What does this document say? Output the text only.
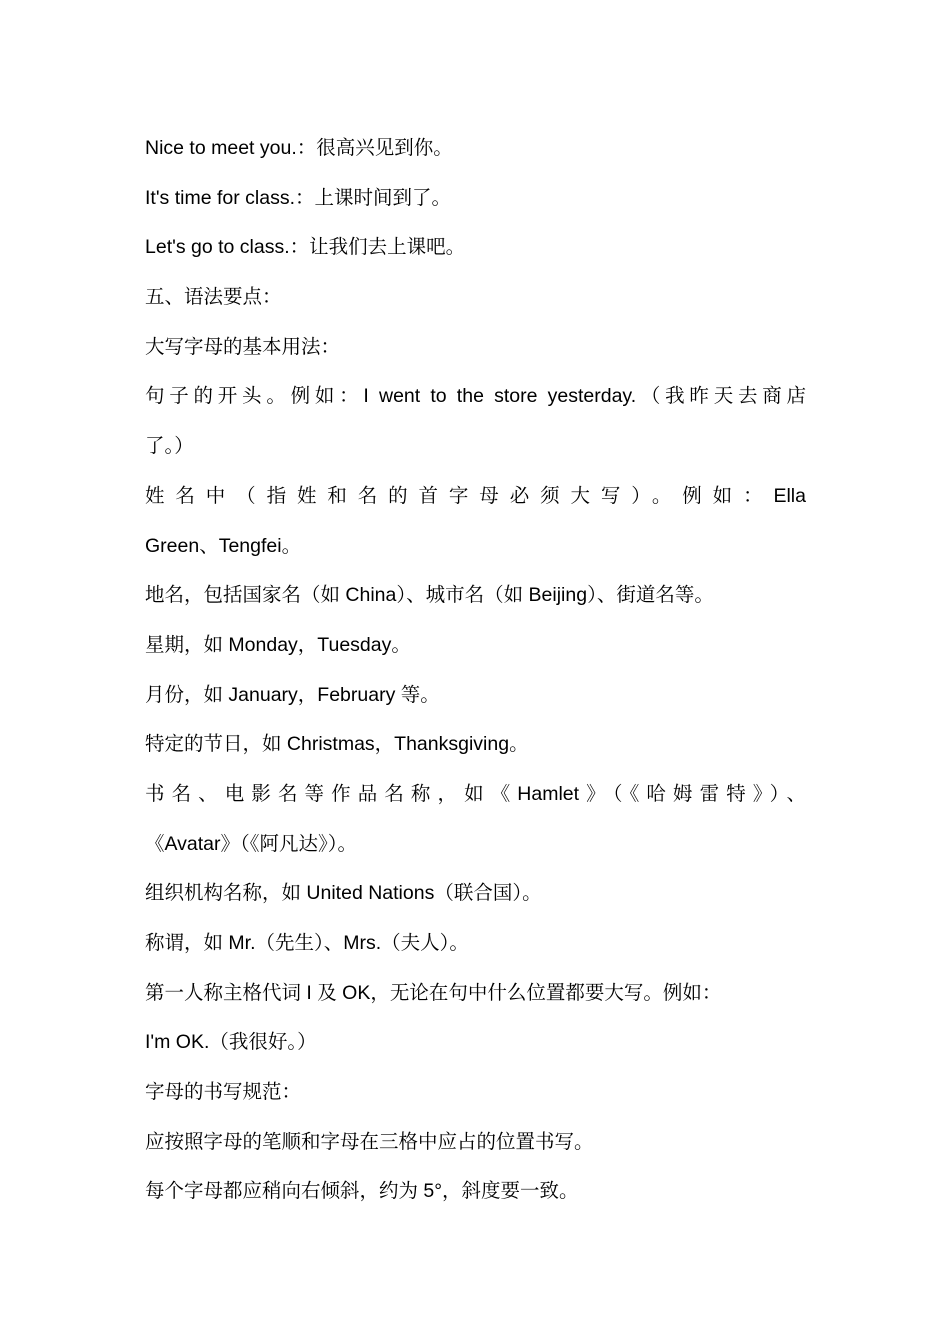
Nice to meet you.：很高兴见到你。
It's time for class.：上课时间到了。
Let's go to class.：让我们去上课吧。
五、语法要点：
大写字母的基本用法：
句子的开头。例如：I went to the store yesterday.（我昨天去商店
了。）
姓名中（指姓和名的首字母必须大写）。例如：Ella
Green、Tengfei。
地名，包括国家名（如 China）、城市名（如 Beijing）、街道名等。
星期，如 Monday，Tuesday。
月份，如 January，February 等。
特定的节日，如 Christmas，Thanksgiving。
书名、电影名等作品名称，如《Hamlet》（《哈姆雷特》）、
《Avatar》（《阿凡达》）。
组织机构名称，如 United Nations（联合国）。
称谓，如 Mr.（先生）、Mrs.（夫人）。
第一人称主格代词 I 及 OK，无论在句中什么位置都要大写。例如：
I'm OK.（我很好。）
字母的书写规范：
应按照字母的笔顺和字母在三格中应占的位置书写。
每个字母都应稍向右倾斜，约为 5°，斜度要一致。
